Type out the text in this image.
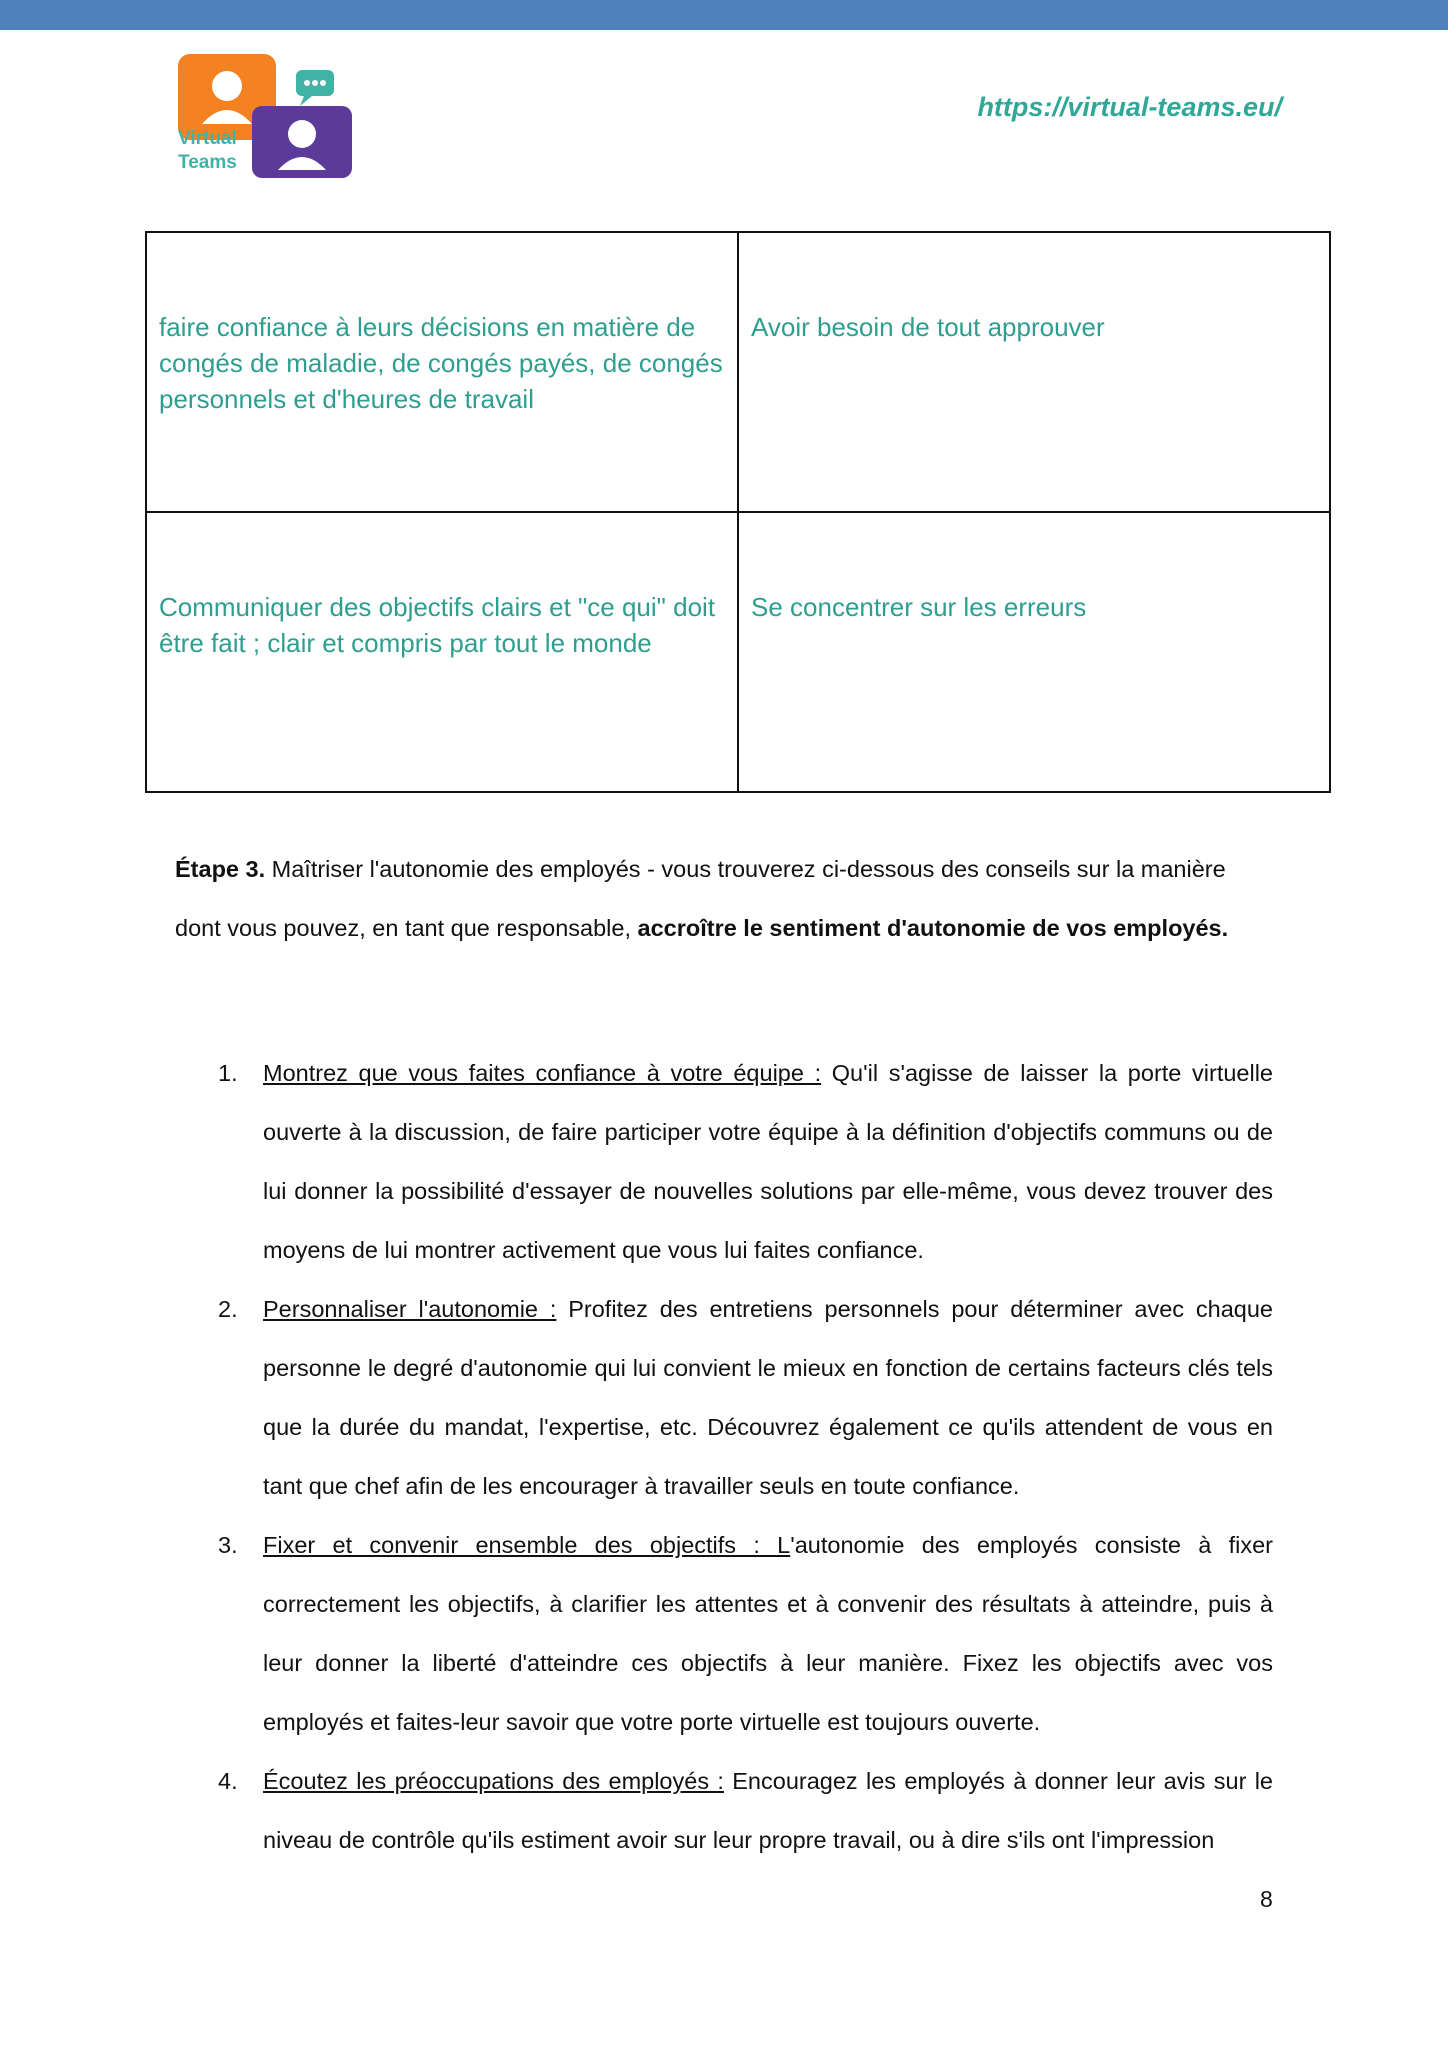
Virtual
Teams
https://virtual-teams.eu/
faire confiance à leurs décisions en matière de congés de maladie, de congés payés, de congés personnels et d'heures de travail	Avoir besoin de tout approuver
Communiquer des objectifs clairs et "ce qui" doit être fait ; clair et compris par tout le monde	Se concentrer sur les erreurs
Étape 3. Maîtriser l'autonomie des employés - vous trouverez ci-dessous des conseils sur la manière dont vous pouvez, en tant que responsable, accroître le sentiment d'autonomie de vos employés.
1. Montrez que vous faites confiance à votre équipe : Qu'il s'agisse de laisser la porte virtuelle ouverte à la discussion, de faire participer votre équipe à la définition d'objectifs communs ou de lui donner la possibilité d'essayer de nouvelles solutions par elle-même, vous devez trouver des moyens de lui montrer activement que vous lui faites confiance.
2. Personnaliser l'autonomie : Profitez des entretiens personnels pour déterminer avec chaque personne le degré d'autonomie qui lui convient le mieux en fonction de certains facteurs clés tels que la durée du mandat, l'expertise, etc. Découvrez également ce qu'ils attendent de vous en tant que chef afin de les encourager à travailler seuls en toute confiance.
3. Fixer et convenir ensemble des objectifs : L'autonomie des employés consiste à fixer correctement les objectifs, à clarifier les attentes et à convenir des résultats à atteindre, puis à leur donner la liberté d'atteindre ces objectifs à leur manière. Fixez les objectifs avec vos employés et faites-leur savoir que votre porte virtuelle est toujours ouverte.
4. Écoutez les préoccupations des employés : Encouragez les employés à donner leur avis sur le niveau de contrôle qu'ils estiment avoir sur leur propre travail, ou à dire s'ils ont l'impression
8
